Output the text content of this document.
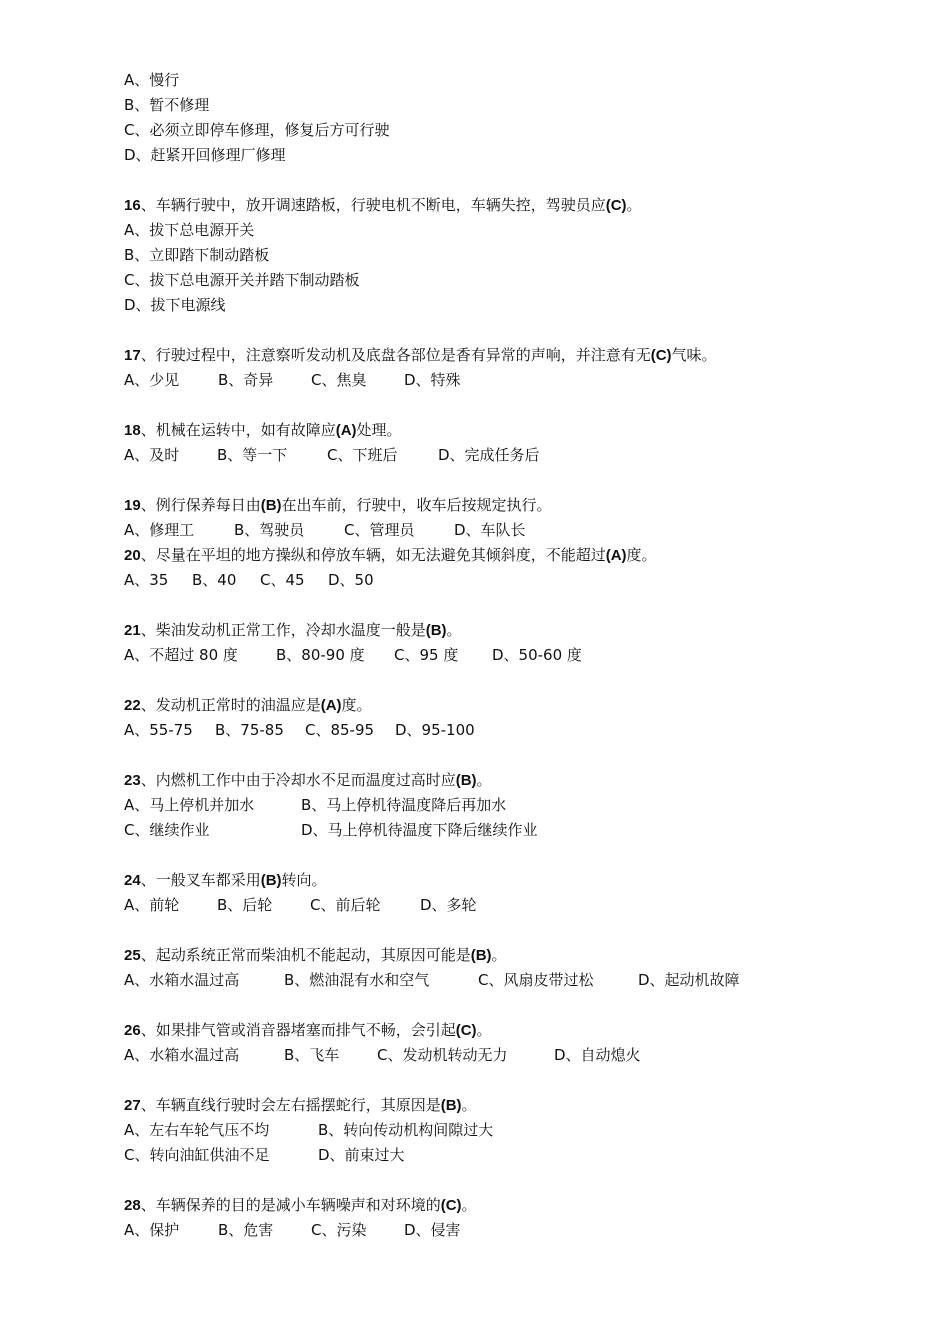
A、慢行
B、暂不修理
C、必须立即停车修理，修复后方可行驶
D、赶紧开回修理厂修理
16、车辆行驶中，放开调速踏板，行驶电机不断电，车辆失控，驾驶员应(C)。
A、拔下总电源开关
B、立即踏下制动踏板
C、拔下总电源开关并踏下制动踏板
D、拔下电源线
17、行驶过程中，注意察听发动机及底盘各部位是香有异常的声响，并注意有无(C)气味。
A、少见	B、奇异	C、焦臭	D、特殊
18、机械在运转中，如有故障应(A)处理。
A、及时	B、等一下	C、下班后	D、完成任务后
19、例行保养每日由(B)在出车前，行驶中，收车后按规定执行。
A、修理工	B、驾驶员	C、管理员	D、车队长
20、尽量在平坦的地方操纵和停放车辆，如无法避免其倾斜度，不能超过(A)度。
A、35 B、40 C、45 D、50
21、柴油发动机正常工作，冷却水温度一般是(B)。
A、不超过 80 度	B、80-90 度 C、95 度 D、50-60 度
22、发动机正常时的油温应是(A)度。
A、55-75 B、75-85 C、85-95 D、95-100
23、内燃机工作中由于冷却水不足而温度过高时应(B)。
A、马上停机并加水	B、马上停机待温度降后再加水
C、继续作业	D、马上停机待温度下降后继续作业
24、一般叉车都采用(B)转向。
A、前轮	B、后轮	C、前后轮	D、多轮
25、起动系统正常而柴油机不能起动，其原因可能是(B)。
A、水箱水温过高	B、燃油混有水和空气	C、风扇皮带过松	D、起动机故障
26、如果排气管或消音器堵塞而排气不畅，会引起(C)。
A、水箱水温过高	B、飞车	C、发动机转动无力	D、自动熄火
27、车辆直线行驶时会左右摇摆蛇行，其原因是(B)。
A、左右车轮气压不均	B、转向传动机构间隙过大
C、转向油缸供油不足	D、前束过大
28、车辆保养的目的是减小车辆噪声和对环境的(C)。
A、保护	B、危害	C、污染	D、侵害
